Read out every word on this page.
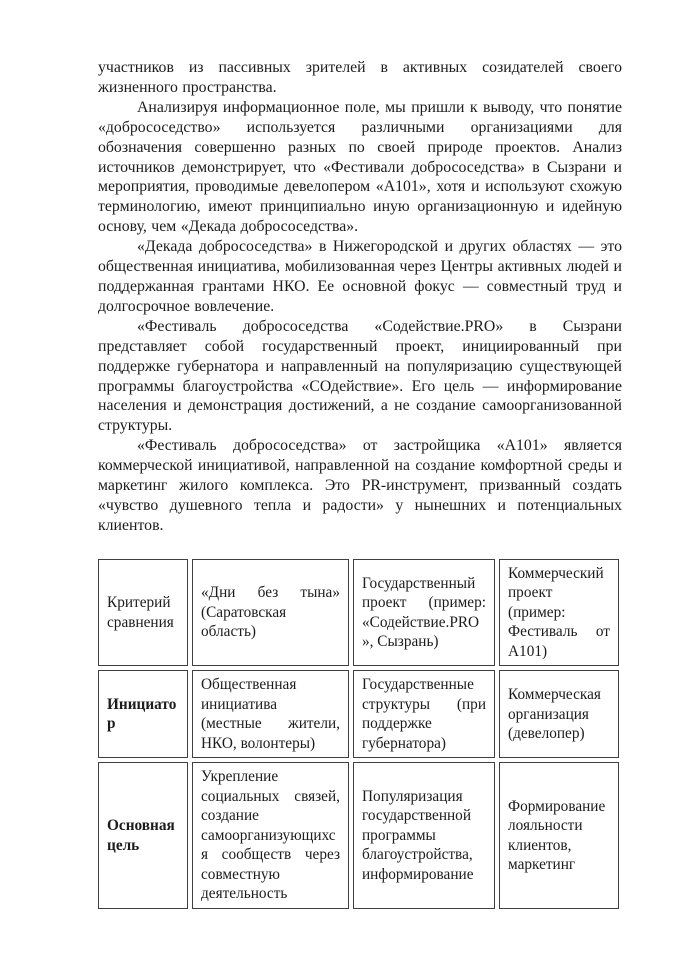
участников из пассивных зрителей в активных созидателей своего жизненного пространства.

Анализируя информационное поле, мы пришли к выводу, что понятие «добрососедство» используется различными организациями для обозначения совершенно разных по своей природе проектов. Анализ источников демонстрирует, что «Фестивали добрососедства» в Сызрани и мероприятия, проводимые девелопером «А101», хотя и используют схожую терминологию, имеют принципиально иную организационную и идейную основу, чем «Декада добрососедства».

«Декада добрососедства» в Нижегородской и других областях — это общественная инициатива, мобилизованная через Центры активных людей и поддержанная грантами НКО. Ее основной фокус — совместный труд и долгосрочное вовлечение.

«Фестиваль добрососедства «Содействие.PRO» в Сызрани представляет собой государственный проект, инициированный при поддержке губернатора и направленный на популяризацию существующей программы благоустройства «СОдействие». Его цель — информирование населения и демонстрация достижений, а не создание самоорганизованной структуры.

«Фестиваль добрососедства» от застройщика «А101» является коммерческой инициативой, направленной на создание комфортной среды и маркетинг жилого комплекса. Это PR-инструмент, призванный создать «чувство душевного тепла и радости» у нынешних и потенциальных клиентов.

Критерий сравнения	«Дни без тына» (Саратовская область)	Государственный проект (пример: «Содействие.PRO», Сызрань)	Коммерческий проект (пример: Фестиваль от А101)
Инициатор	Общественная инициатива (местные жители, НКО, волонтеры)	Государственные структуры (при поддержке губернатора)	Коммерческая организация (девелопер)
Основная цель	Укрепление социальных связей, создание самоорганизующихся сообществ через совместную деятельность	Популяризация государственной программы благоустройства, информирование	Формирование лояльности клиентов, маркетинг
